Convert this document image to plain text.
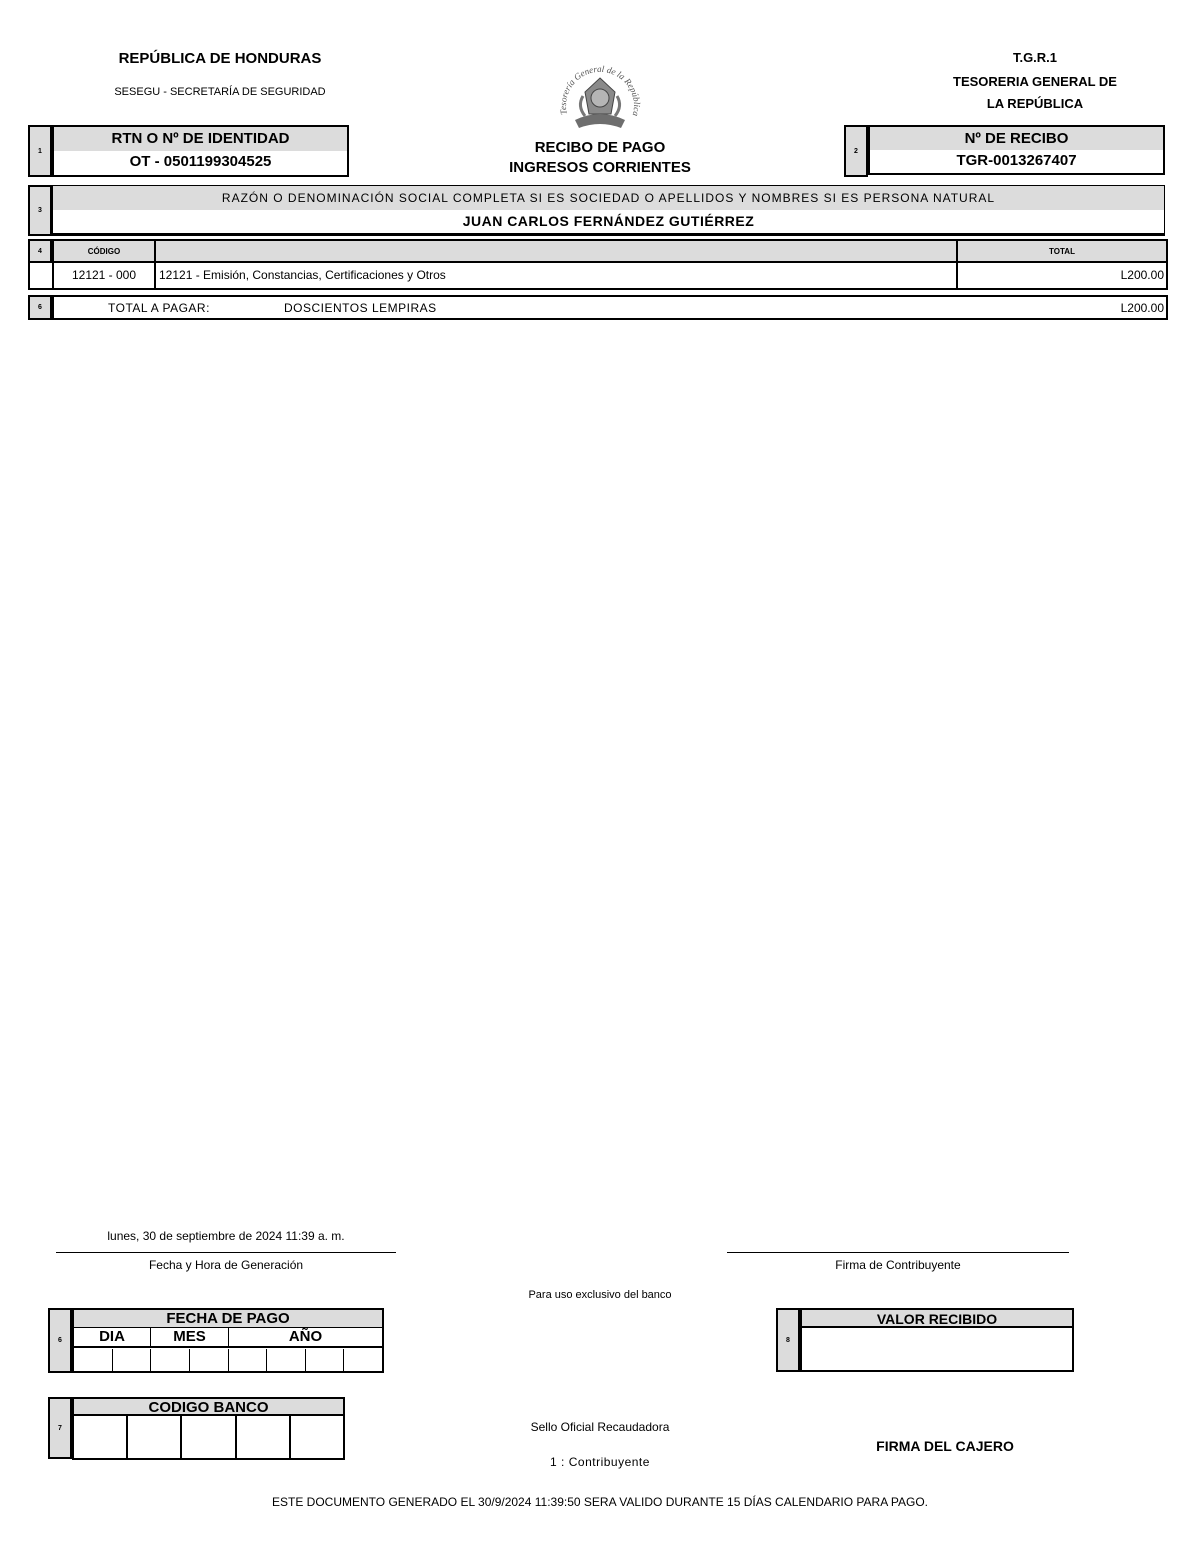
REPÚBLICA DE HONDURAS
SESEGU - SECRETARÍA DE SEGURIDAD
Tesorería General de la República
T.G.R.1
TESORERIA GENERAL DE
LA REPÚBLICA
1
RTN O Nº DE IDENTIDAD
OT - 0501199304525
RECIBO DE PAGO
INGRESOS CORRIENTES
2
Nº DE RECIBO
TGR-0013267407
3
RAZÓN O DENOMINACIÓN SOCIAL COMPLETA SI ES SOCIEDAD O APELLIDOS Y NOMBRES SI ES PERSONA NATURAL
JUAN CARLOS FERNÁNDEZ GUTIÉRREZ
4	CÓDIGO	TOTAL
12121 - 000	12121 - Emisión, Constancias, Certificaciones y Otros	L200.00
6	TOTAL A PAGAR:	DOSCIENTOS LEMPIRAS	L200.00
lunes, 30 de septiembre de 2024 11:39 a. m.
Fecha y Hora de Generación	Firma de Contribuyente
Para uso exclusivo del banco
6
FECHA DE PAGO
DIA	MES	AÑO	8
VALOR RECIBIDO
7
CODIGO BANCO
Sello Oficial Recaudadora
1 : Contribuyente
FIRMA DEL CAJERO
ESTE DOCUMENTO GENERADO EL 30/9/2024 11:39:50 SERA VALIDO DURANTE 15 DÍAS CALENDARIO PARA PAGO.
